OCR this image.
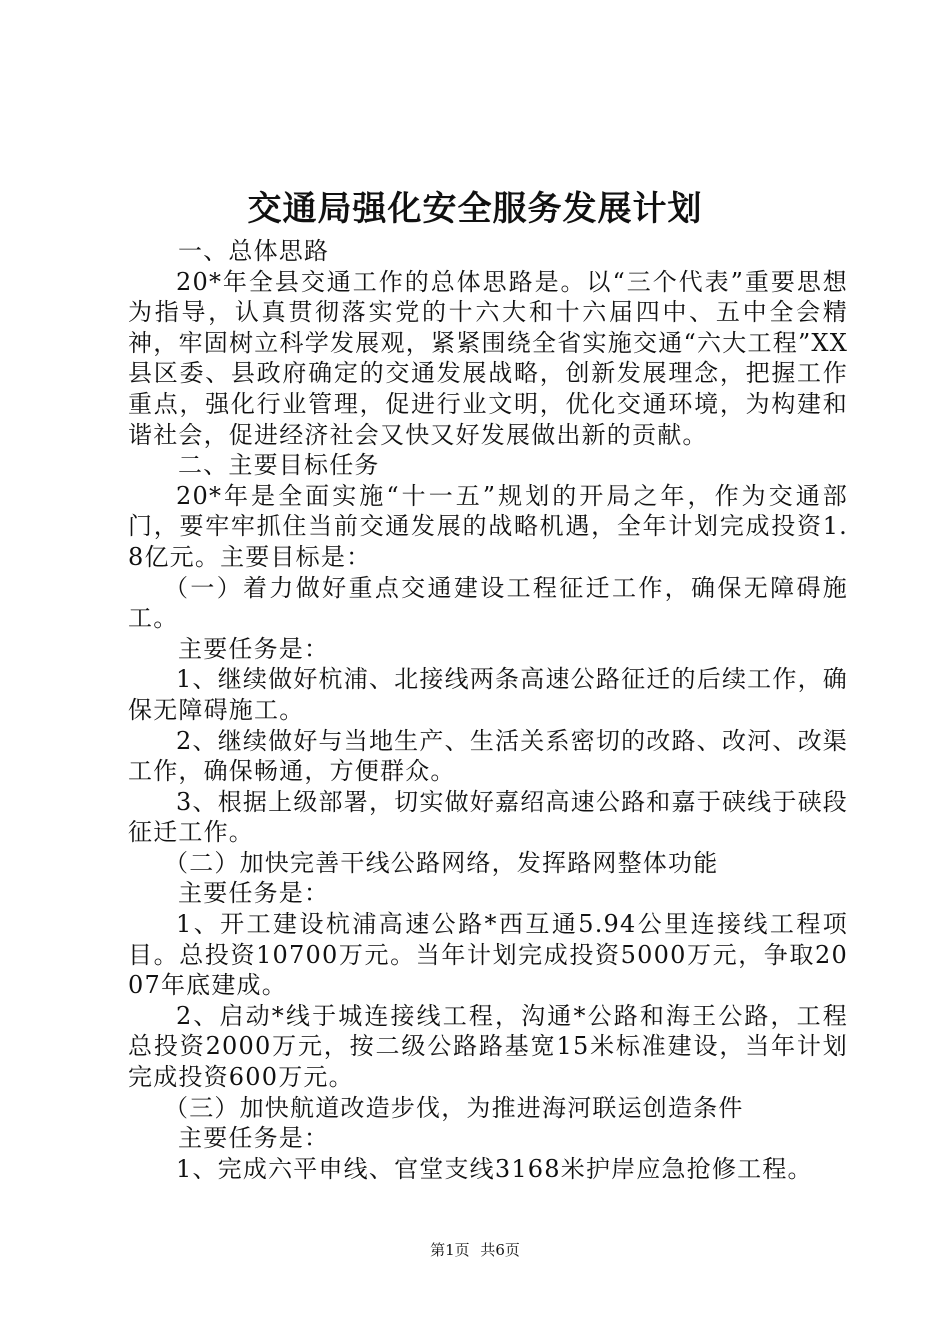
交通局强化安全服务发展计划

一、总体思路

20*年全县交通工作的总体思路是。以“三个代表”重要思想为指导，认真贯彻落实党的十六大和十六届四中、五中全会精神，牢固树立科学发展观，紧紧围绕全省实施交通“六大工程”XX县区委、县政府确定的交通发展战略，创新发展理念，把握工作重点，强化行业管理，促进行业文明，优化交通环境，为构建和谐社会，促进经济社会又快又好发展做出新的贡献。

二、主要目标任务

20*年是全面实施“十一五”规划的开局之年，作为交通部门，要牢牢抓住当前交通发展的战略机遇，全年计划完成投资1.8亿元。主要目标是：

（一）着力做好重点交通建设工程征迁工作，确保无障碍施工。

主要任务是：

1、继续做好杭浦、北接线两条高速公路征迁的后续工作，确保无障碍施工。

2、继续做好与当地生产、生活关系密切的改路、改河、改渠工作，确保畅通，方便群众。

3、根据上级部署，切实做好嘉绍高速公路和嘉于硖线于硖段征迁工作。

（二）加快完善干线公路网络，发挥路网整体功能

主要任务是：

1、开工建设杭浦高速公路*西互通5.94公里连接线工程项目。总投资10700万元。当年计划完成投资5000万元，争取2007年底建成。

2、启动*线于城连接线工程，沟通*公路和海王公路，工程总投资2000万元，按二级公路路基宽15米标准建设，当年计划完成投资600万元。

（三）加快航道改造步伐，为推进海河联运创造条件

主要任务是：

1、完成六平申线、官堂支线3168米护岸应急抢修工程。

第1页 共6页
